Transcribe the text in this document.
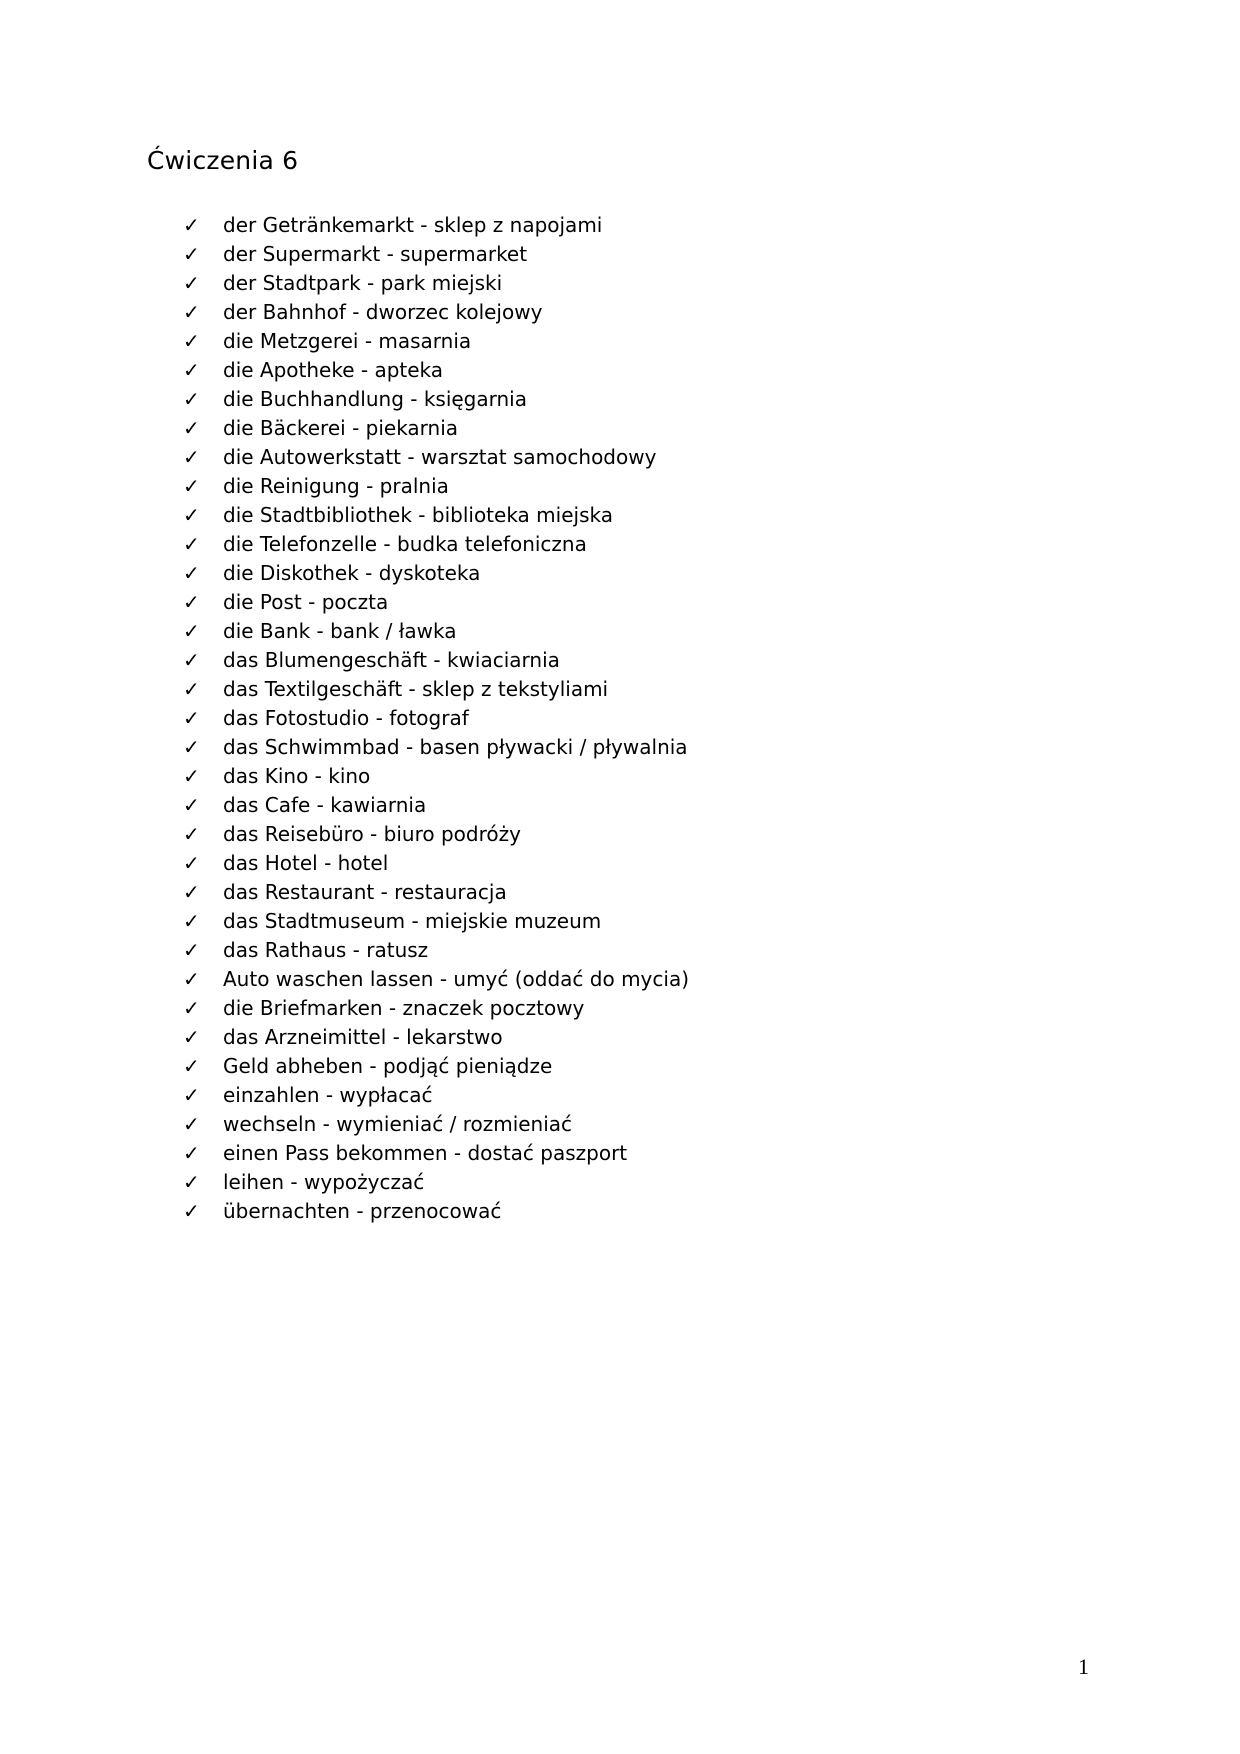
Ćwiczenia 6
✓	der Getränkemarkt - sklep z napojami
✓	der Supermarkt - supermarket
✓	der Stadtpark - park miejski
✓	der Bahnhof - dworzec kolejowy
✓	die Metzgerei - masarnia
✓	die Apotheke - apteka
✓	die Buchhandlung - księgarnia
✓	die Bäckerei - piekarnia
✓	die Autowerkstatt - warsztat samochodowy
✓	die Reinigung - pralnia
✓	die Stadtbibliothek - biblioteka miejska
✓	die Telefonzelle - budka telefoniczna
✓	die Diskothek - dyskoteka
✓	die Post - poczta
✓	die Bank - bank / ławka
✓	das Blumengeschäft - kwiaciarnia
✓	das Textilgeschäft - sklep z tekstyliami
✓	das Fotostudio - fotograf
✓	das Schwimmbad - basen pływacki / pływalnia
✓	das Kino - kino
✓	das Cafe - kawiarnia
✓	das Reisebüro - biuro podróży
✓	das Hotel - hotel
✓	das Restaurant - restauracja
✓	das Stadtmuseum - miejskie muzeum
✓	das Rathaus - ratusz
✓	Auto waschen lassen - umyć (oddać do mycia)
✓	die Briefmarken - znaczek pocztowy
✓	das Arzneimittel - lekarstwo
✓	Geld abheben - podjąć pieniądze
✓	einzahlen - wypłacać
✓	wechseln - wymieniać / rozmieniać
✓	einen Pass bekommen - dostać paszport
✓	leihen - wypożyczać
✓	übernachten - przenocować
1
